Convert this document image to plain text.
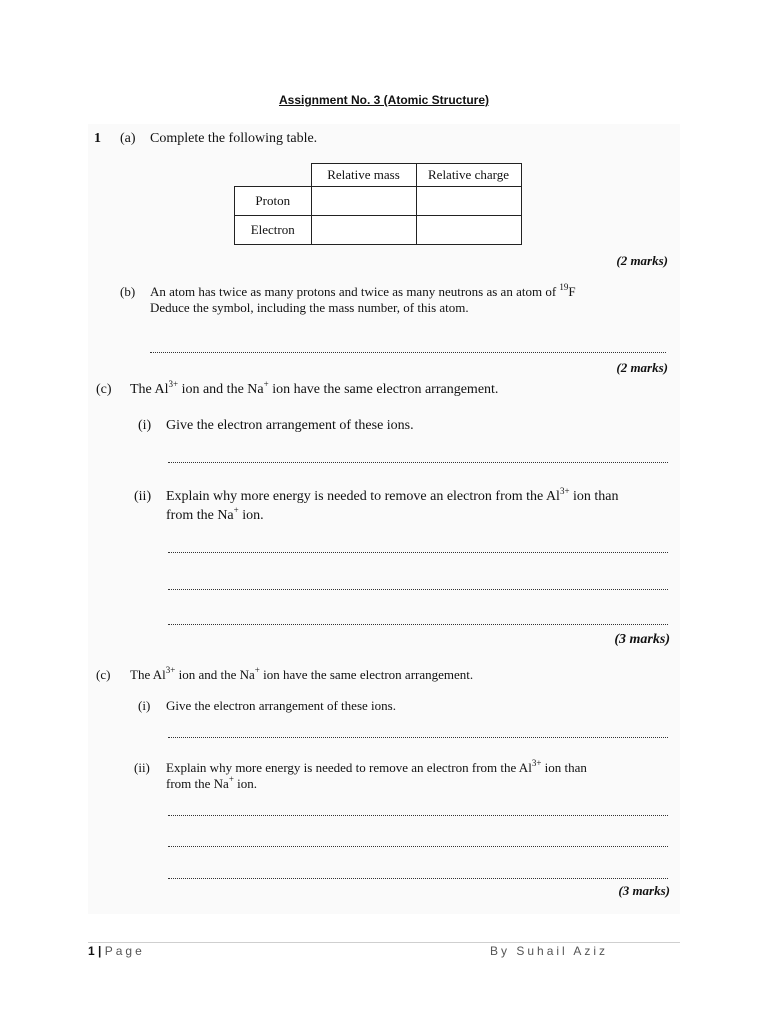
Assignment No. 3 (Atomic Structure)
1 (a) Complete the following table.
	Relative mass	Relative charge
Proton		
Electron		
(2 marks)
(b) An atom has twice as many protons and twice as many neutrons as an atom of $^{19}$F
Deduce the symbol, including the mass number, of this atom.
(2 marks)
(c) The $Al^{3+}$ ion and the Na+ ion have the same electron arrangement.
(i) Give the electron arrangement of these ions.
(ii) Explain why more energy is needed to remove an electron from the $Al^{3+}$ ion than
from the Na+ ion.
(3 marks)
(c) The $Al^{3+}$ ion and the Na+ ion have the same electron arrangement.
(i) Give the electron arrangement of these ions.
(ii) Explain why more energy is needed to remove an electron from the $Al^{3+}$ ion than
from the Na+ ion.
(3 marks)
1 | Page	By Suhail Aziz
